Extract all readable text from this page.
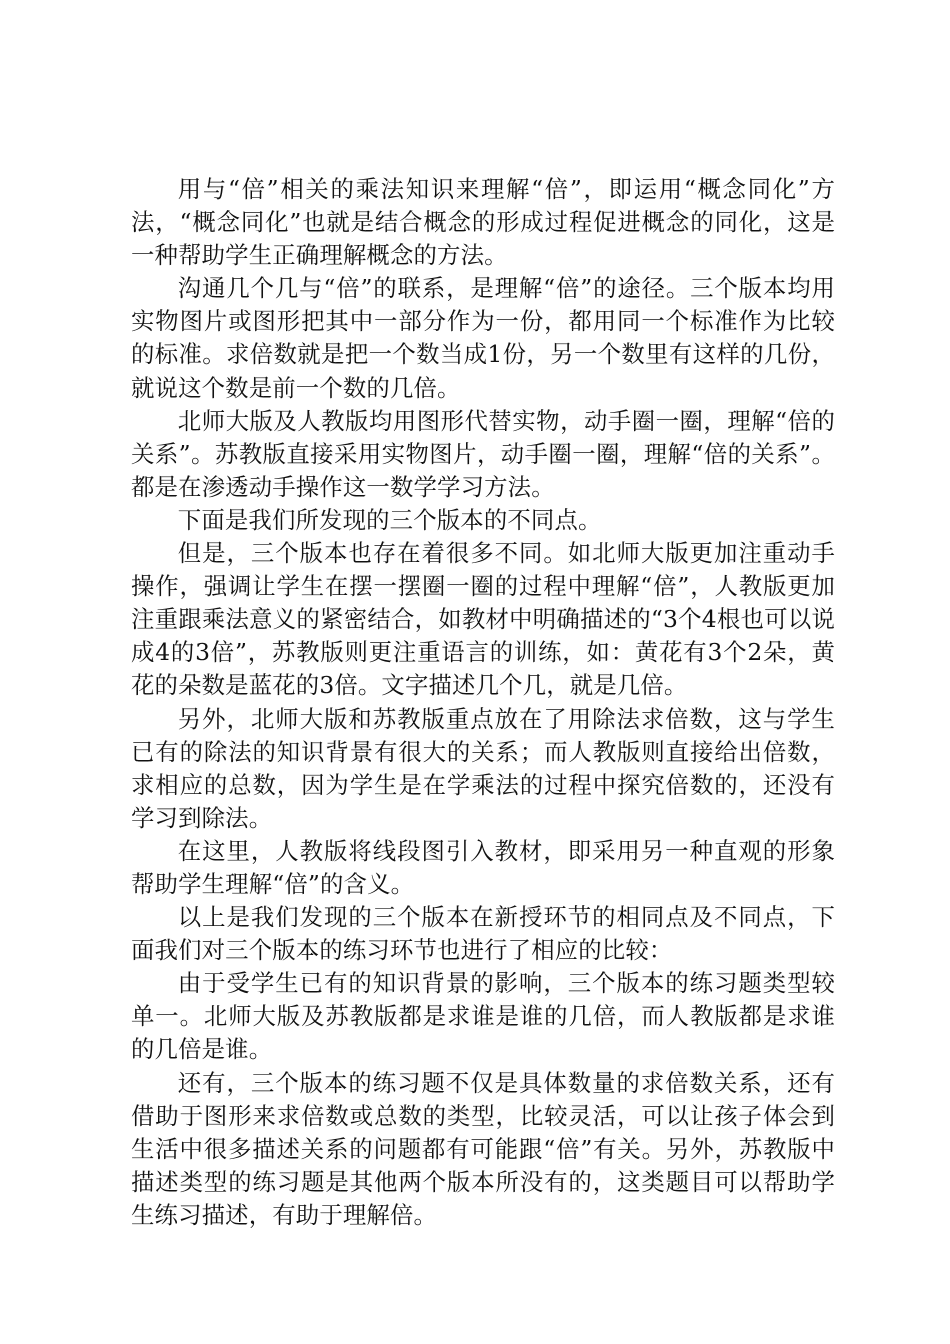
用与“倍”相关的乘法知识来理解“倍”，即运用“概念同化”方法，“概念同化”也就是结合概念的形成过程促进概念的同化，这是一种帮助学生正确理解概念的方法。

沟通几个几与“倍”的联系，是理解“倍”的途径。三个版本均用实物图片或图形把其中一部分作为一份，都用同一个标准作为比较的标准。求倍数就是把一个数当成1份，另一个数里有这样的几份，就说这个数是前一个数的几倍。

北师大版及人教版均用图形代替实物，动手圈一圈，理解“倍的关系”。苏教版直接采用实物图片，动手圈一圈，理解“倍的关系”。都是在渗透动手操作这一数学学习方法。

下面是我们所发现的三个版本的不同点。

但是，三个版本也存在着很多不同。如北师大版更加注重动手操作，强调让学生在摆一摆圈一圈的过程中理解“倍”，人教版更加注重跟乘法意义的紧密结合，如教材中明确描述的“3个4根也可以说成4的3倍”，苏教版则更注重语言的训练，如：黄花有3个2朵，黄花的朵数是蓝花的3倍。文字描述几个几，就是几倍。

另外，北师大版和苏教版重点放在了用除法求倍数，这与学生已有的除法的知识背景有很大的关系；而人教版则直接给出倍数，求相应的总数，因为学生是在学乘法的过程中探究倍数的，还没有学习到除法。

在这里，人教版将线段图引入教材，即采用另一种直观的形象帮助学生理解“倍”的含义。

以上是我们发现的三个版本在新授环节的相同点及不同点，下面我们对三个版本的练习环节也进行了相应的比较：

由于受学生已有的知识背景的影响，三个版本的练习题类型较单一。北师大版及苏教版都是求谁是谁的几倍，而人教版都是求谁的几倍是谁。

还有，三个版本的练习题不仅是具体数量的求倍数关系，还有借助于图形来求倍数或总数的类型，比较灵活，可以让孩子体会到生活中很多描述关系的问题都有可能跟“倍”有关。另外，苏教版中描述类型的练习题是其他两个版本所没有的，这类题目可以帮助学生练习描述，有助于理解倍。
